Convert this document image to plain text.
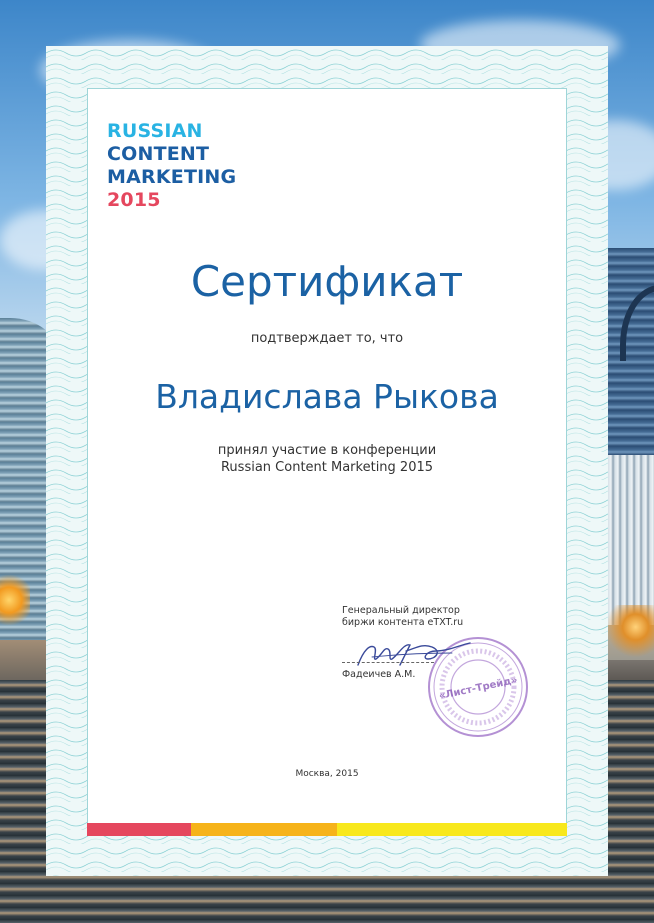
RUSSIAN
CONTENT
MARKETING
2015
Сертификат
подтверждает то, что
Владислава Рыкова
принял участие в конференции
Russian Content Marketing 2015
Генеральный директор
биржи контента eTXT.ru
«Лист-Трейд»
Фадеичев А.М.
Москва, 2015
